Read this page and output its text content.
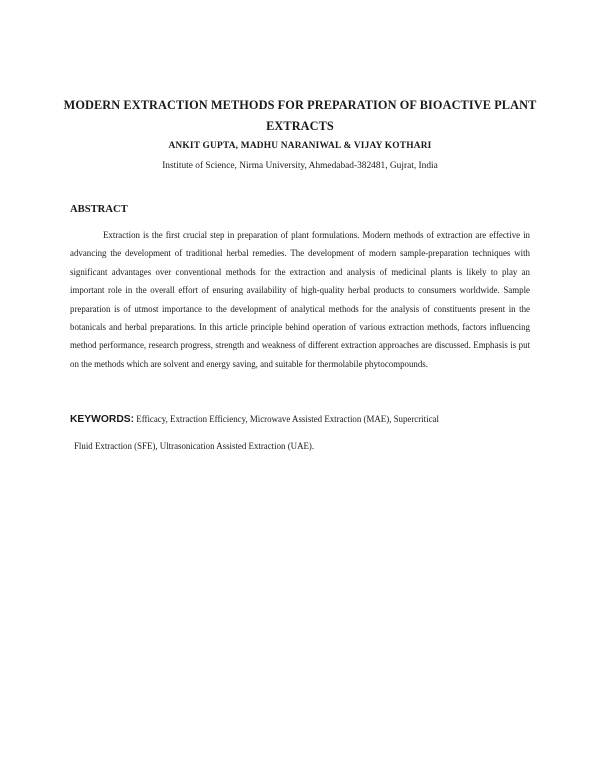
MODERN EXTRACTION METHODS FOR PREPARATION OF BIOACTIVE PLANT
EXTRACTS
ANKIT GUPTA, MADHU NARANIWAL & VIJAY KOTHARI
Institute of Science, Nirma University, Ahmedabad-382481, Gujrat, India
ABSTRACT

Extraction is the first crucial step in preparation of plant formulations. Modern methods of extraction are effective in advancing the development of traditional herbal remedies. The development of modern sample-preparation techniques with significant advantages over conventional methods for the extraction and analysis of medicinal plants is likely to play an important role in the overall effort of ensuring availability of high-quality herbal products to consumers worldwide. Sample preparation is of utmost importance to the development of analytical methods for the analysis of constituents present in the botanicals and herbal preparations. In this article principle behind operation of various extraction methods, factors influencing method performance, research progress, strength and weakness of different extraction approaches are discussed. Emphasis is put on the methods which are solvent and energy saving, and suitable for thermolabile phytocompounds.

KEYWORDS: Efficacy, Extraction Efficiency, Microwave Assisted Extraction (MAE), Supercritical
Fluid Extraction (SFE), Ultrasonication Assisted Extraction (UAE).
